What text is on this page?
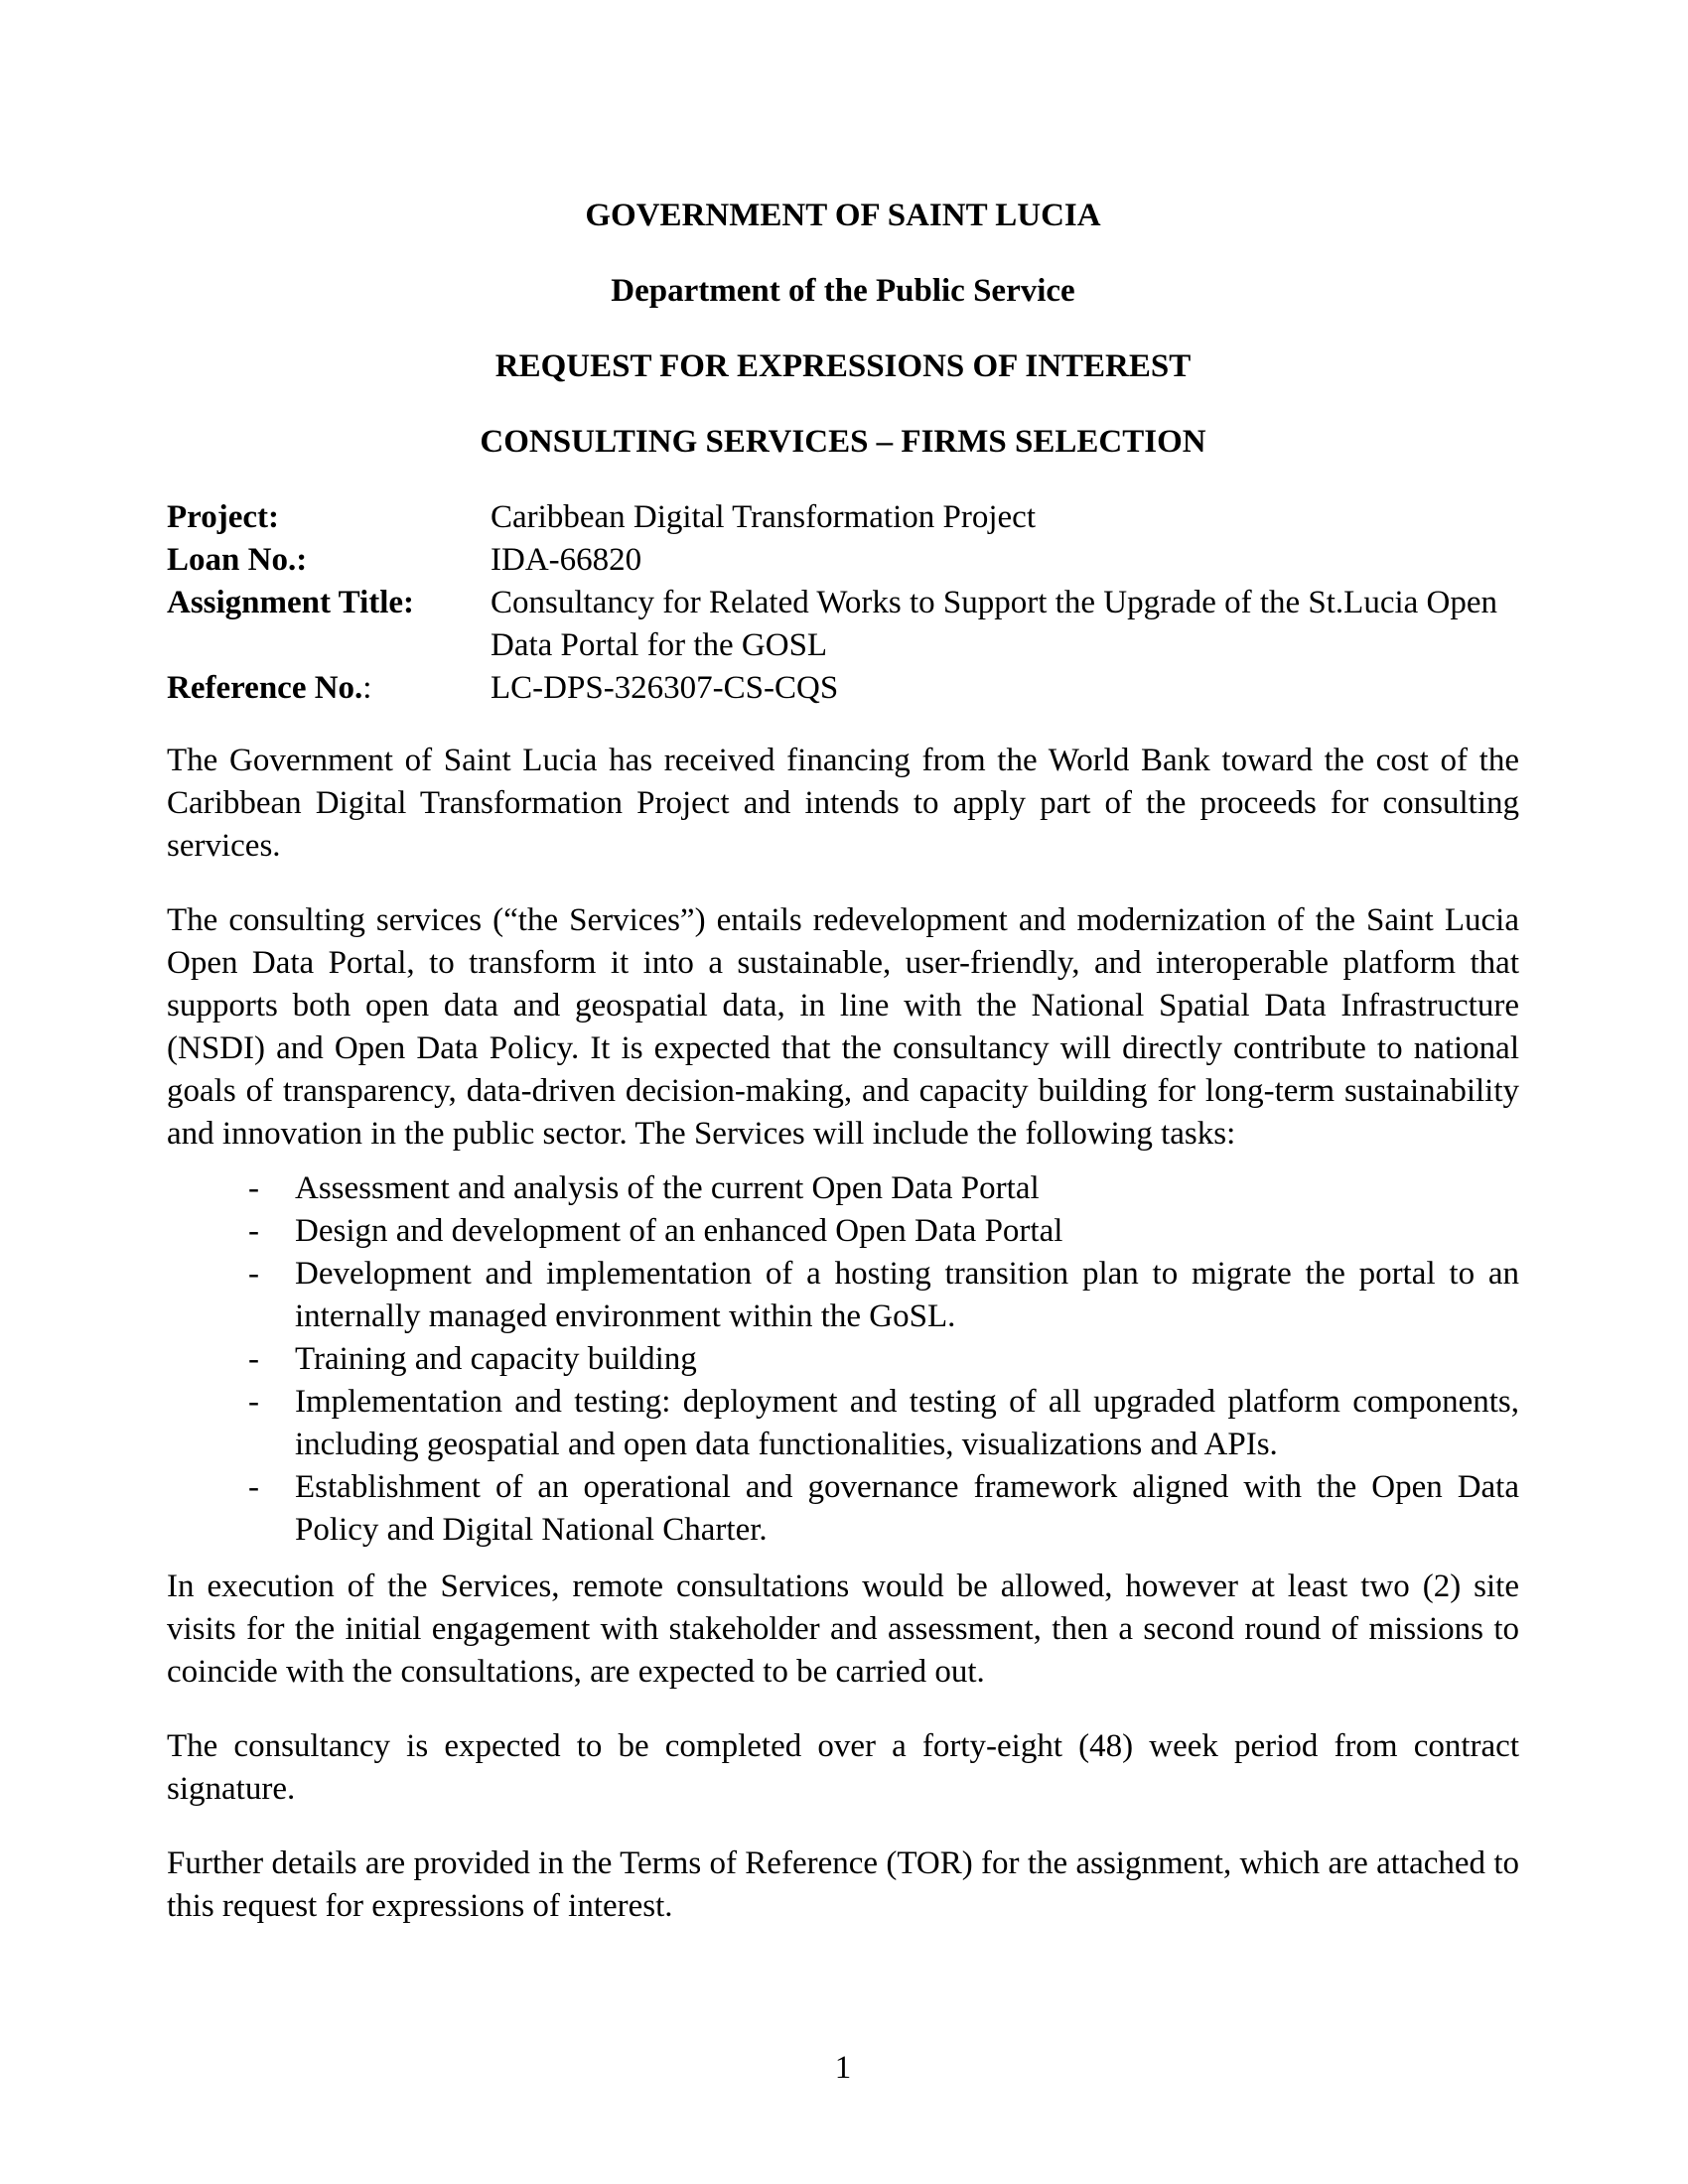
GOVERNMENT OF SAINT LUCIA

Department of the Public Service

REQUEST FOR EXPRESSIONS OF INTEREST

CONSULTING SERVICES – FIRMS SELECTION

Project:	Caribbean Digital Transformation Project
Loan No.:	IDA-66820
Assignment Title:	Consultancy for Related Works to Support the Upgrade of the St.Lucia Open Data Portal for the GOSL
Reference No.:	LC-DPS-326307-CS-CQS

The Government of Saint Lucia has received financing from the World Bank toward the cost of the Caribbean Digital Transformation Project and intends to apply part of the proceeds for consulting services.

The consulting services (“the Services”) entails redevelopment and modernization of the Saint Lucia Open Data Portal, to transform it into a sustainable, user-friendly, and interoperable platform that supports both open data and geospatial data, in line with the National Spatial Data Infrastructure (NSDI) and Open Data Policy. It is expected that the consultancy will directly contribute to national goals of transparency, data-driven decision-making, and capacity building for long-term sustainability and innovation in the public sector. The Services will include the following tasks:

-	Assessment and analysis of the current Open Data Portal
-	Design and development of an enhanced Open Data Portal
-	Development and implementation of a hosting transition plan to migrate the portal to an internally managed environment within the GoSL.
-	Training and capacity building
-	Implementation and testing: deployment and testing of all upgraded platform components, including geospatial and open data functionalities, visualizations and APIs.
-	Establishment of an operational and governance framework aligned with the Open Data Policy and Digital National Charter.

In execution of the Services, remote consultations would be allowed, however at least two (2) site visits for the initial engagement with stakeholder and assessment, then a second round of missions to coincide with the consultations, are expected to be carried out.

The consultancy is expected to be completed over a forty-eight (48) week period from contract signature.

Further details are provided in the Terms of Reference (TOR) for the assignment, which are attached to this request for expressions of interest.

1
